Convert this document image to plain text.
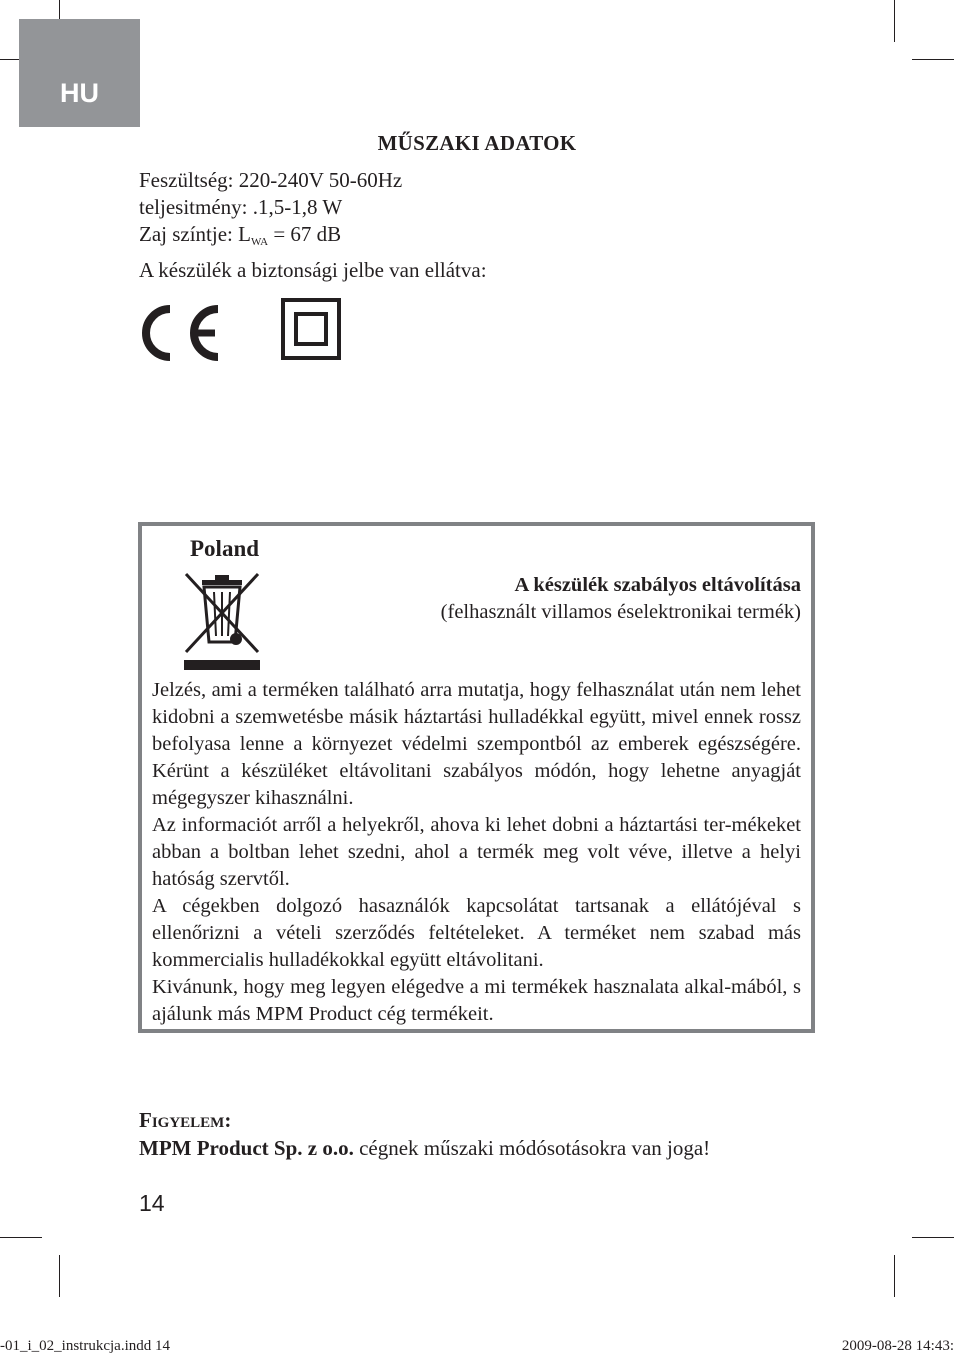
HU
MŰSZAKI ADATOK
Feszültség: 220-240V 50-60Hz
teljesitmény: .1,5-1,8 W
Zaj színtje: $L_{WA} = 67$ dB
A készülék a biztonsági jelbe van ellátva:
Poland
A készülék szabályos eltávolítása
(felhasznált villamos éselektronikai termék)

Jelzés, ami a terméken található arra mutatja, hogy felhasználat után nem lehet kidobni a szemwetésbe másik háztartási hulladékkal együtt, mivel ennek rossz befolyasa lenne a környezet védelmi szempontból az emberek egészségére. Kérünt a készüléket eltávolitani szabályos módón, hogy lehetne anyagját mégegyszer kihasználni.

Az informaciót arről a helyekről, ahova ki lehet dobni a háztartási ter-mékeket abban a boltban lehet szedni, ahol a termék meg volt véve, illetve a helyi hatóság szervtől.

A cégekben dolgozó hasaználók kapcsolátat tartsanak a ellátójéval s ellenőrizni a vételi szerződés feltételeket. A terméket nem szabad más kommercialis hulladékokkal együtt eltávolitani.

Kivánunk, hogy meg legyen elégedve a mi termékek hasznalata alkal-mából, s ajálunk más MPM Product cég termékeit.

Figyelem:
MPM Product Sp. z o.o. cégnek műszaki módósotásokra van joga!
14
-01_i_02_instrukcja.indd 14	2009-08-28 14:43:
